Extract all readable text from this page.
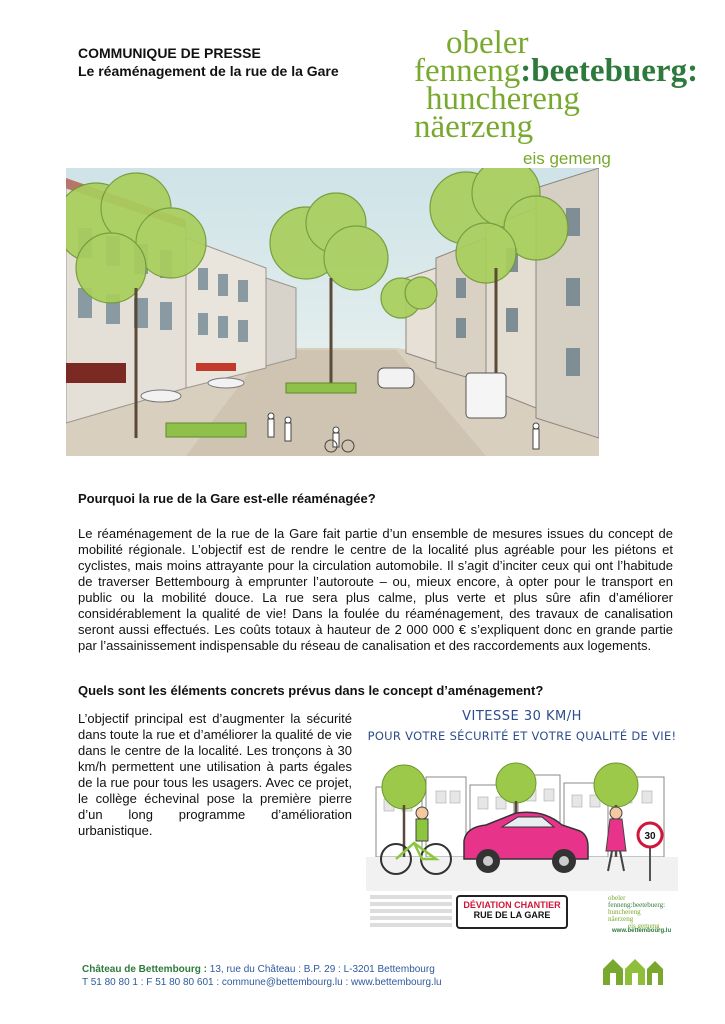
COMMUNIQUE DE PRESSE
Le réaménagement de la rue de la Gare
obeler
fenneng:beetebuerg:
hunchereng
näerzeng
eis gemeng
Pourquoi la rue de la Gare est-elle réaménagée?
Le réaménagement de la rue de la Gare fait partie d’un ensemble de mesures issues du concept de mobilité régionale. L’objectif est de rendre le centre de la localité plus agréable pour les piétons et cyclistes, mais moins attrayante pour la circulation automobile. Il s’agit d’inciter ceux qui ont l’habitude de traverser Bettembourg à emprunter l’autoroute – ou, mieux encore, à opter pour le transport en public ou la mobilité douce. La rue sera plus calme, plus verte et plus sûre afin d’améliorer considérablement la qualité de vie! Dans la foulée du réaménagement, des travaux de canalisation seront aussi effectués. Les coûts totaux à hauteur de 2 000 000 € s’expliquent donc en grande partie par l’assainissement indispensable du réseau de canalisation et des raccordements aux logements.
Quels sont les éléments concrets prévus dans le concept d’aménagement?
L’objectif principal est d’augmenter la sécurité dans toute la rue et d’améliorer la qualité de vie dans le centre de la localité. Les tronçons à 30 km/h permettent une utilisation à parts égales de la rue pour tous les usagers. Avec ce projet, le collège échevinal pose la première pierre d’un long programme d’amélioration urbanistique.
VITESSE 30 KM/H
POUR VOTRE SÉCURITÉ ET VOTRE QUALITÉ DE VIE!
30
DÉVIATION CHANTIER
RUE DE LA GARE
obeler
fenneng:beetebuerg:
hunchereng
näerzeng
eis gemeng
www.bettembourg.lu
Château de Bettembourg : 13, rue du Château : B.P. 29 : L-3201 Bettembourg
T 51 80 80 1 : F 51 80 80 601 : commune@bettembourg.lu : www.bettembourg.lu
